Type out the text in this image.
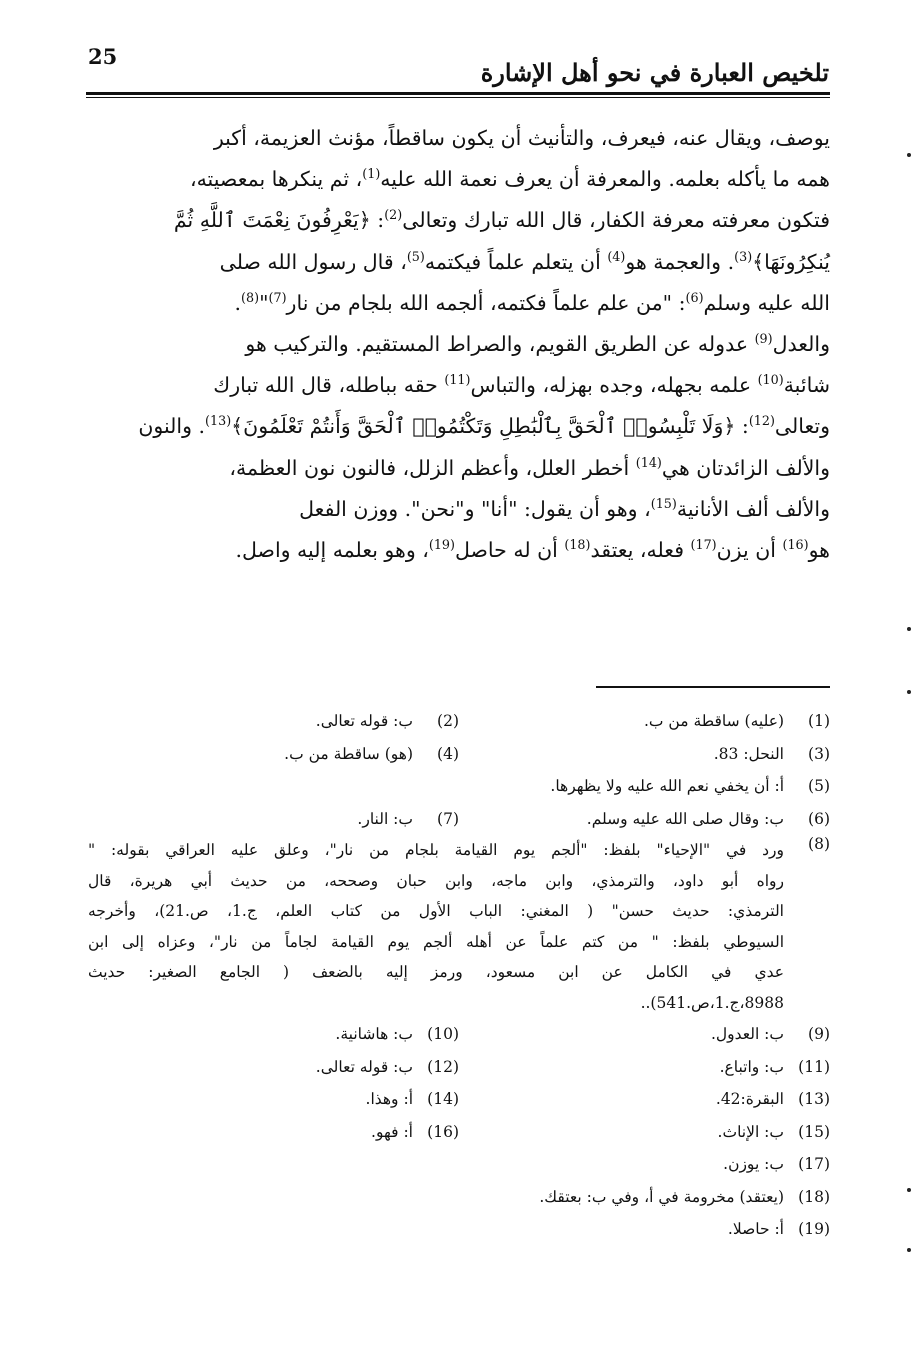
25
تلخيص العبارة في نحو أهل الإشارة
يوصف، ويقال عنه، فيعرف، والتأنيث أن يكون ساقطاً، مؤنث العزيمة، أكبر
همه ما يأكله بعلمه. والمعرفة أن يعرف نعمة الله عليه$^{(1)}$، ثم ينكرها بمعصيته،
فتكون معرفته معرفة الكفار، قال الله تبارك وتعالى$^{(2)}$: ﴿يَعْرِفُونَ نِعْمَتَ ٱللَّهِ ثُمَّ
يُنكِرُونَهَا﴾$^{(3)}$. والعجمة هو$^{(4)}$ أن يتعلم علماً فيكتمه$^{(5)}$، قال رسول الله صلى
الله عليه وسلم$^{(6)}$: "من علم علماً فكتمه، ألجمه الله بلجام من نار$^{(7)}$"$^{(8)}$.
والعدل$^{(9)}$ عدوله عن الطريق القويم، والصراط المستقيم. والتركيب هو
شائبة$^{(10)}$ علمه بجهله، وجده بهزله، والتباس$^{(11)}$ حقه بباطله، قال الله تبارك
وتعالى$^{(12)}$: ﴿وَلَا تَلْبِسُوا۟ ٱلْحَقَّ بِٱلْبَٰطِلِ وَتَكْتُمُوا۟ ٱلْحَقَّ وَأَنتُمْ تَعْلَمُونَ﴾$^{(13)}$. والنون
والألف الزائدتان هي$^{(14)}$ أخطر العلل، وأعظم الزلل، فالنون نون العظمة،
والألف ألف الأنانية$^{(15)}$، وهو أن يقول: "أنا" و"نحن". ووزن الفعل
هو$^{(16)}$ أن يزن$^{(17)}$ فعله، يعتقد$^{(18)}$ أن له حاصل$^{(19)}$، وهو بعلمه إليه واصل.
(1)
(عليه) ساقطة من ب.
(2)
ب: قوله تعالى.
(3)
النحل: 83.
(4)
(هو) ساقطة من ب.
(5)
أ: أن يخفي نعم الله عليه ولا يظهرها.
(6)
ب: وقال صلى الله عليه وسلم.
(7)
ب: النار.
(8)
ورد في "الإحياء" بلفظ: "ألجم يوم القيامة بلجام من نار"، وعلق عليه العراقي بقوله: "
رواه أبو داود، والترمذي، وابن ماجه، وابن حبان وصححه، من حديث أبي هريرة، قال
الترمذي: حديث حسن" ( المغني: الباب الأول من كتاب العلم، ج.1، ص.21)، وأخرجه
السيوطي بلفظ: " من كتم علماً عن أهله ألجم يوم القيامة لجاماً من نار"، وعزاه إلى ابن
عدي في الكامل عن ابن مسعود، ورمز إليه بالضعف ( الجامع الصغير: حديث
8988،ج.1،ص.541)..
(9)
ب: العدول.
(10)
ب: هاشانية.
(11)
ب: واتباع.
(12)
ب: قوله تعالى.
(13)
البقرة:42.
(14)
أ: وهذا.
(15)
ب: الإناث.
(16)
أ: فهو.
(17)
ب: يوزن.
(18)
(يعتقد) مخرومة في أ، وفي ب: بعتقك.
(19)
أ: حاصلا.
